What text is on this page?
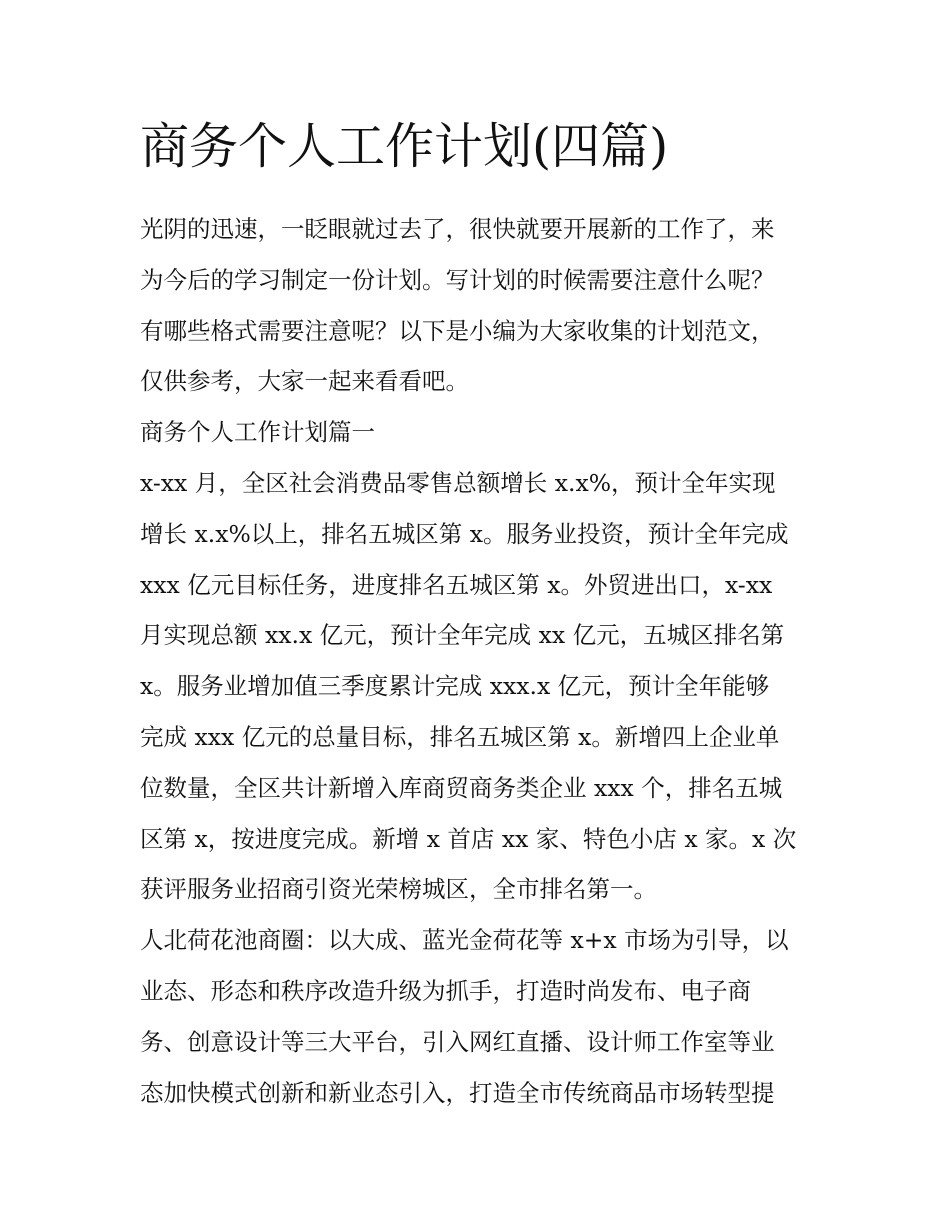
商务个人工作计划(四篇)

光阴的迅速，一眨眼就过去了，很快就要开展新的工作了，来

为今后的学习制定一份计划。写计划的时候需要注意什么呢？

有哪些格式需要注意呢？以下是小编为大家收集的计划范文，

仅供参考，大家一起来看看吧。

商务个人工作计划篇一

x-xx 月，全区社会消费品零售总额增长 x.x%，预计全年实现

增长 x.x%以上，排名五城区第 x。服务业投资，预计全年完成

xxx 亿元目标任务，进度排名五城区第 x。外贸进出口，x-xx

月实现总额 xx.x 亿元，预计全年完成 xx 亿元，五城区排名第

x。服务业增加值三季度累计完成 xxx.x 亿元，预计全年能够

完成 xxx 亿元的总量目标，排名五城区第 x。新增四上企业单

位数量，全区共计新增入库商贸商务类企业 xxx 个，排名五城

区第 x，按进度完成。新增 x 首店 xx 家、特色小店 x 家。x 次

获评服务业招商引资光荣榜城区，全市排名第一。

人北荷花池商圈：以大成、蓝光金荷花等 x+x 市场为引导，以

业态、形态和秩序改造升级为抓手，打造时尚发布、电子商

务、创意设计等三大平台，引入网红直播、设计师工作室等业

态加快模式创新和新业态引入，打造全市传统商品市场转型提
